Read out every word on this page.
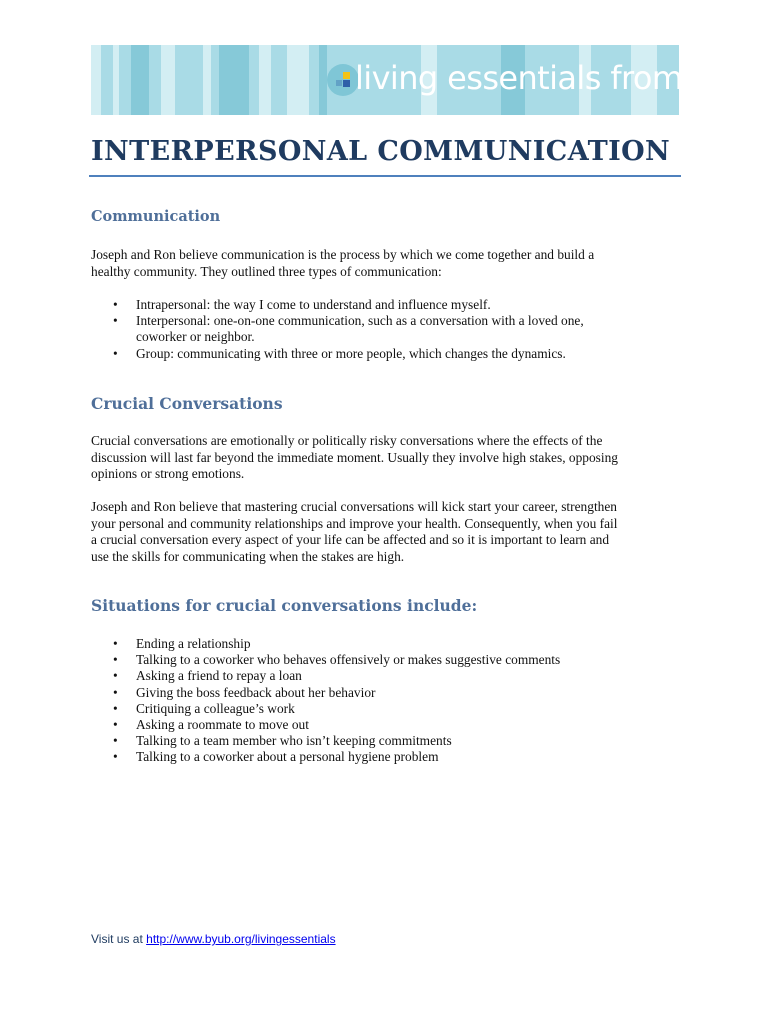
living essentials from BYU
INTERPERSONAL COMMUNICATION
Communication

Joseph and Ron believe communication is the process by which we come together and build a
healthy community. They outlined three types of communication:

• Intrapersonal: the way I come to understand and influence myself.
• Interpersonal: one-on-one communication, such as a conversation with a loved one,
coworker or neighbor.
• Group: communicating with three or more people, which changes the dynamics.
Crucial Conversations

Crucial conversations are emotionally or politically risky conversations where the effects of the
discussion will last far beyond the immediate moment. Usually they involve high stakes, opposing
opinions or strong emotions.

Joseph and Ron believe that mastering crucial conversations will kick start your career, strengthen
your personal and community relationships and improve your health. Consequently, when you fail
a crucial conversation every aspect of your life can be affected and so it is important to learn and
use the skills for communicating when the stakes are high.

Situations for crucial conversations include:
• Ending a relationship
• Talking to a coworker who behaves offensively or makes suggestive comments
• Asking a friend to repay a loan
• Giving the boss feedback about her behavior
• Critiquing a colleague’s work
• Asking a roommate to move out
• Talking to a team member who isn’t keeping commitments
• Talking to a coworker about a personal hygiene problem
Visit us at http://www.byub.org/livingessentials
